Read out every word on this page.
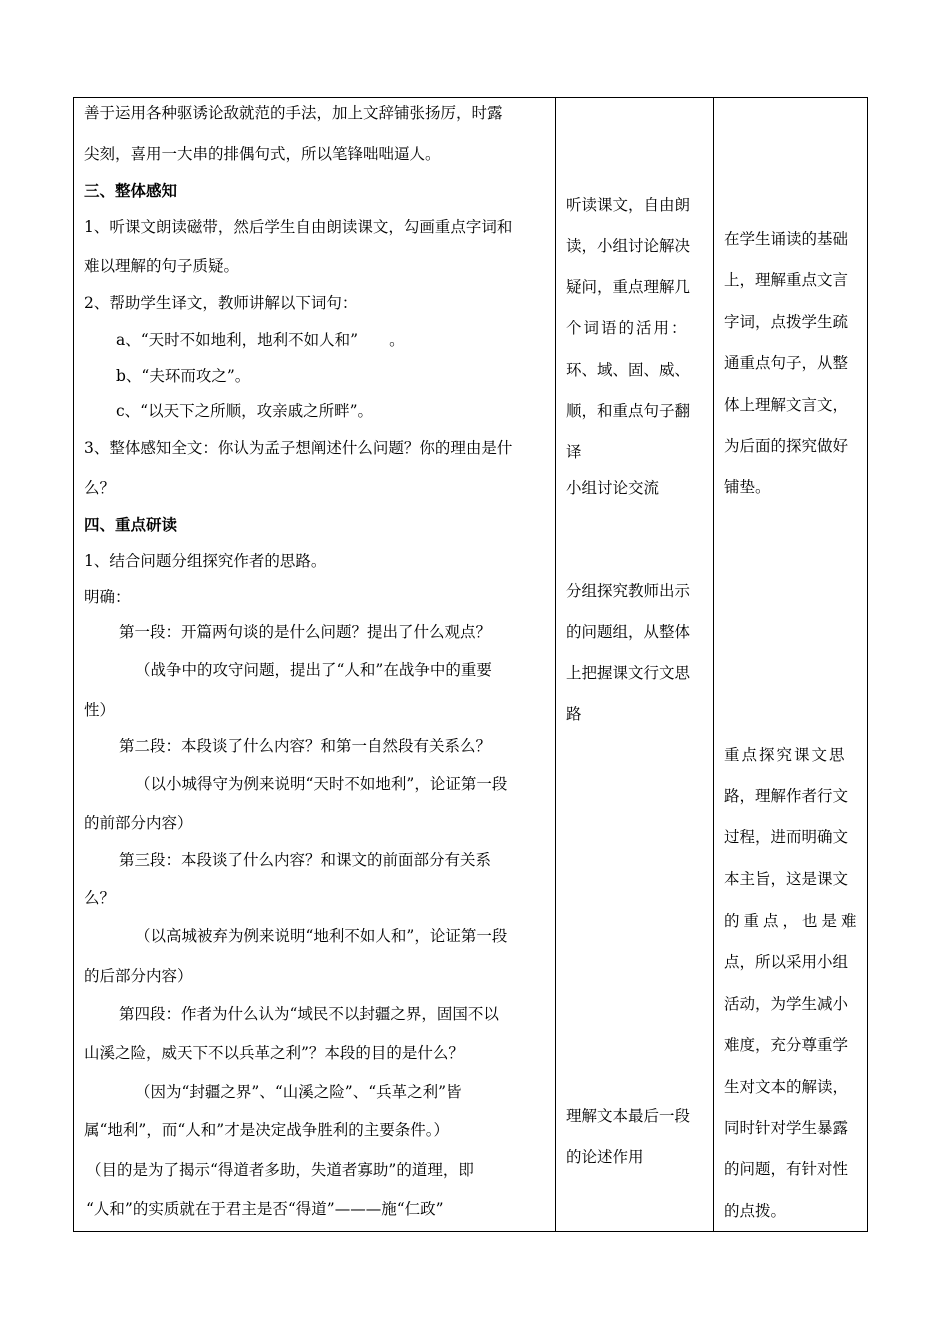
善于运用各种驱诱论敌就范的手法，加上文辞铺张扬厉，时露
尖刻，喜用一大串的排偶句式，所以笔锋咄咄逼人。
三、整体感知
1、听课文朗读磁带，然后学生自由朗读课文，勾画重点字词和
难以理解的句子质疑。
2、帮助学生译文，教师讲解以下词句：
a、“天时不如地利，地利不如人和”　　。
b、“夫环而攻之”。
c、“以天下之所顺，攻亲戚之所畔”。
3、整体感知全文：你认为孟子想阐述什么问题？你的理由是什
么？
四、重点研读
1、结合问题分组探究作者的思路。
明确：
第一段：开篇两句谈的是什么问题？提出了什么观点？
（战争中的攻守问题，提出了“人和”在战争中的重要
性）
第二段：本段谈了什么内容？和第一自然段有关系么？
（以小城得守为例来说明“天时不如地利”，论证第一段
的前部分内容）
第三段：本段谈了什么内容？和课文的前面部分有关系
么？
（以高城被弃为例来说明“地利不如人和”，论证第一段
的后部分内容）
第四段：作者为什么认为“域民不以封疆之界，固国不以
山溪之险，威天下不以兵革之利”？本段的目的是什么？
（因为“封疆之界”、“山溪之险”、“兵革之利”皆
属“地利”，而“人和”才是决定战争胜利的主要条件。）
（目的是为了揭示“得道者多助，失道者寡助”的道理，即
“人和”的实质就在于君主是否“得道”———施“仁政”
听读课文，自由朗
读，小组讨论解决
疑问，重点理解几
个词语的活用：
环、域、固、威、
顺，和重点句子翻
译
小组讨论交流
分组探究教师出示
的问题组，从整体
上把握课文行文思
路
理解文本最后一段
的论述作用
在学生诵读的基础
上，理解重点文言
字词，点拨学生疏
通重点句子，从整
体上理解文言文，
为后面的探究做好
铺垫。
重点探究课文思
路，理解作者行文
过程，进而明确文
本主旨，这是课文
的重点，也是难
点，所以采用小组
活动，为学生减小
难度，充分尊重学
生对文本的解读，
同时针对学生暴露
的问题，有针对性
的点拨。
